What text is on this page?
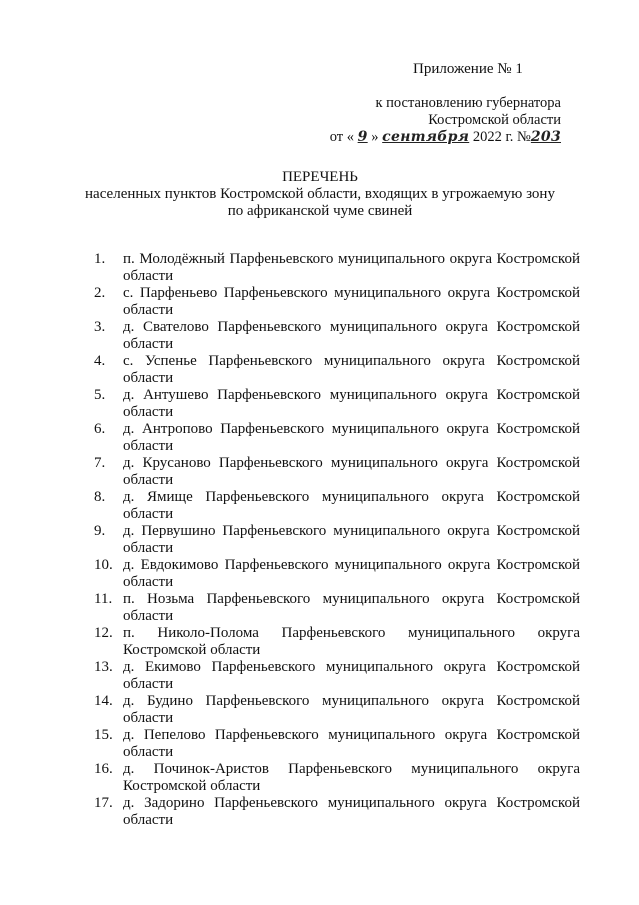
Приложение № 1
к постановлению губернатора
Костромской области
от « 9 » сентября 2022 г. №203
ПЕРЕЧЕНЬ
населенных пунктов Костромской области, входящих в угрожаемую зону
по африканской чуме свиней
1.	п. Молодёжный Парфеньевского муниципального округа Костромской области
2.	с. Парфеньево Парфеньевского муниципального округа Костромской области
3.	д. Свателово Парфеньевского муниципального округа Костромской области
4.	с. Успенье Парфеньевского муниципального округа Костромской области
5.	д. Антушево Парфеньевского муниципального округа Костромской области
6.	д. Антропово Парфеньевского муниципального округа Костромской области
7.	д. Крусаново Парфеньевского муниципального округа Костромской области
8.	д. Ямище Парфеньевского муниципального округа Костромской области
9.	д. Первушино Парфеньевского муниципального округа Костромской области
10. д. Евдокимово Парфеньевского муниципального округа Костромской области
11. п. Нозьма Парфеньевского муниципального округа Костромской области
12. п. Николо-Полома Парфеньевского муниципального округа Костромской области
13. д. Екимово Парфеньевского муниципального округа Костромской области
14. д. Будино Парфеньевского муниципального округа Костромской области
15. д. Пепелово Парфеньевского муниципального округа Костромской области
16. д. Починок-Аристов Парфеньевского муниципального округа Костромской области
17. д. Задорино Парфеньевского муниципального округа Костромской области
